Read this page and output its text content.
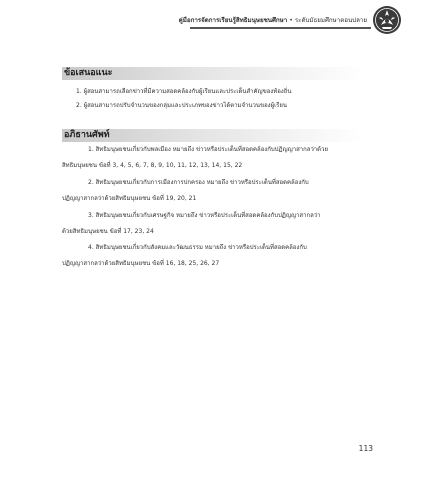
คู่มือการจัดการเรียนรู้สิทธิมนุษยชนศึกษา • ระดับมัธยมศึกษาตอนปลาย
ข้อเสนอแนะ
1. ผู้สอนสามารถเลือกข่าวที่มีความสอดคล้องกับผู้เรียนและประเด็นสำคัญของท้องถิ่น
2. ผู้สอนสามารถปรับจำนวนของกลุ่มและประเภทของข่าวได้ตามจำนวนของผู้เรียน
อภิธานศัพท์
1. สิทธิมนุษยชนเกี่ยวกับพลเมือง หมายถึง ข่าวหรือประเด็นที่สอดคล้องกับปฏิญญาสากลว่าด้วย
สิทธิมนุษยชน ข้อที่ 3, 4, 5, 6, 7, 8, 9, 10, 11, 12, 13, 14, 15, 22
2. สิทธิมนุษยชนเกี่ยวกับการเมืองการปกครอง หมายถึง ข่าวหรือประเด็นที่สอดคล้องกับ
ปฏิญญาสากลว่าด้วยสิทธิมนุษยชน ข้อที่ 19, 20, 21
3. สิทธิมนุษยชนเกี่ยวกับเศรษฐกิจ หมายถึง ข่าวหรือประเด็นที่สอดคล้องกับปฏิญญาสากลว่า
ด้วยสิทธิมนุษยชน ข้อที่ 17, 23, 24
4. สิทธิมนุษยชนเกี่ยวกับสังคมและวัฒนธรรม หมายถึง ข่าวหรือประเด็นที่สอดคล้องกับ
ปฏิญญาสากลว่าด้วยสิทธิมนุษยชน ข้อที่ 16, 18, 25, 26, 27
113
